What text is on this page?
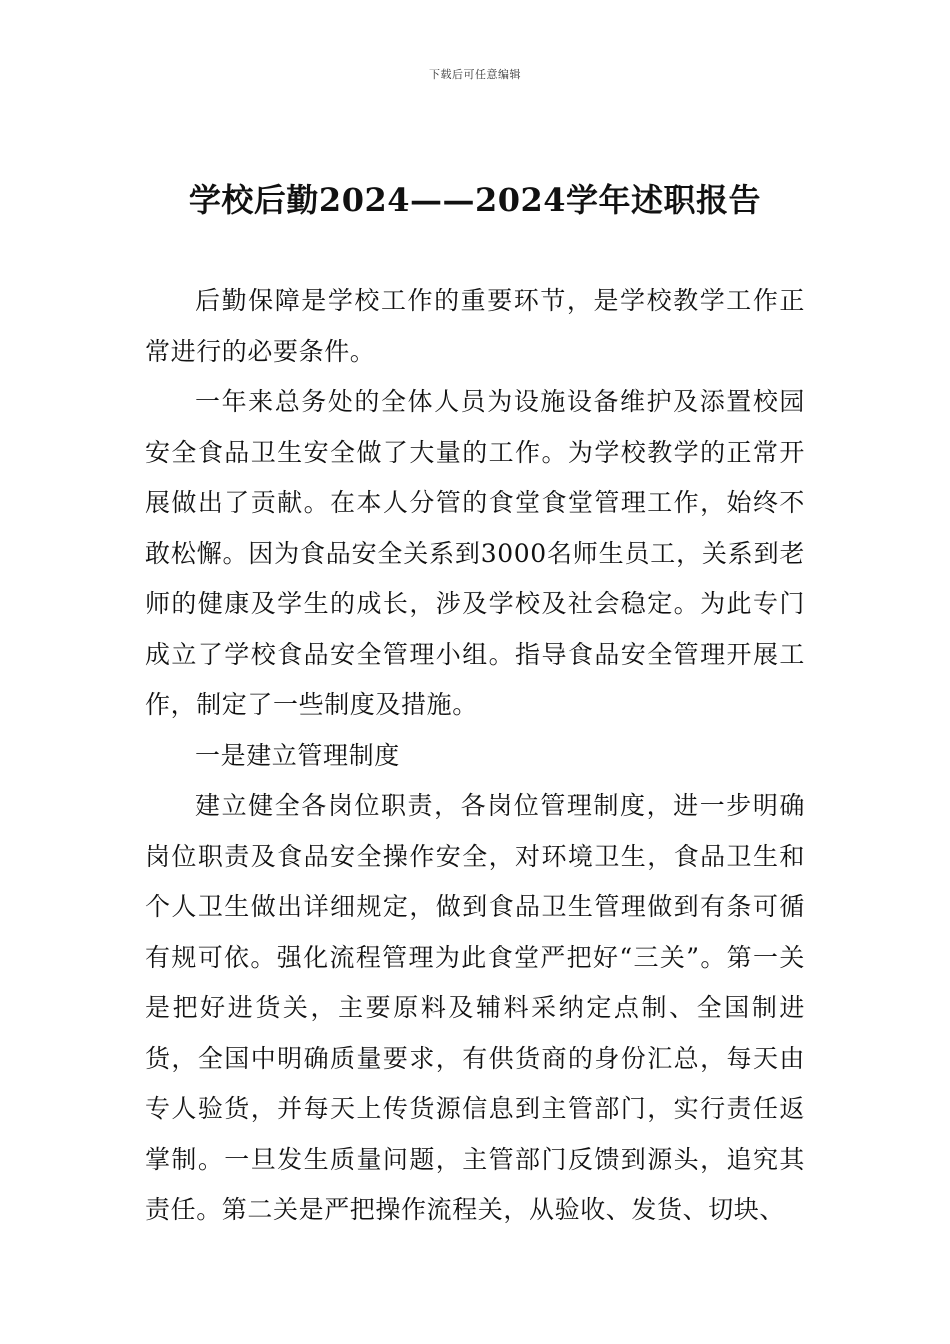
下载后可任意编辑
学校后勤2024——2024学年述职报告

后勤保障是学校工作的重要环节，是学校教学工作正常进行的必要条件。

一年来总务处的全体人员为设施设备维护及添置校园安全食品卫生安全做了大量的工作。为学校教学的正常开展做出了贡献。在本人分管的食堂食堂管理工作，始终不敢松懈。因为食品安全关系到3000名师生员工，关系到老师的健康及学生的成长，涉及学校及社会稳定。为此专门成立了学校食品安全管理小组。指导食品安全管理开展工作，制定了一些制度及措施。

一是建立管理制度

建立健全各岗位职责，各岗位管理制度，进一步明确岗位职责及食品安全操作安全，对环境卫生，食品卫生和个人卫生做出详细规定，做到食品卫生管理做到有条可循有规可依。强化流程管理为此食堂严把好“三关”。第一关是把好进货关，主要原料及辅料采纳定点制、全国制进货，全国中明确质量要求，有供货商的身份汇总，每天由专人验货，并每天上传货源信息到主管部门，实行责任返掌制。一旦发生质量问题，主管部门反馈到源头，追究其责任。第二关是严把操作流程关，从验收、发货、切块、
